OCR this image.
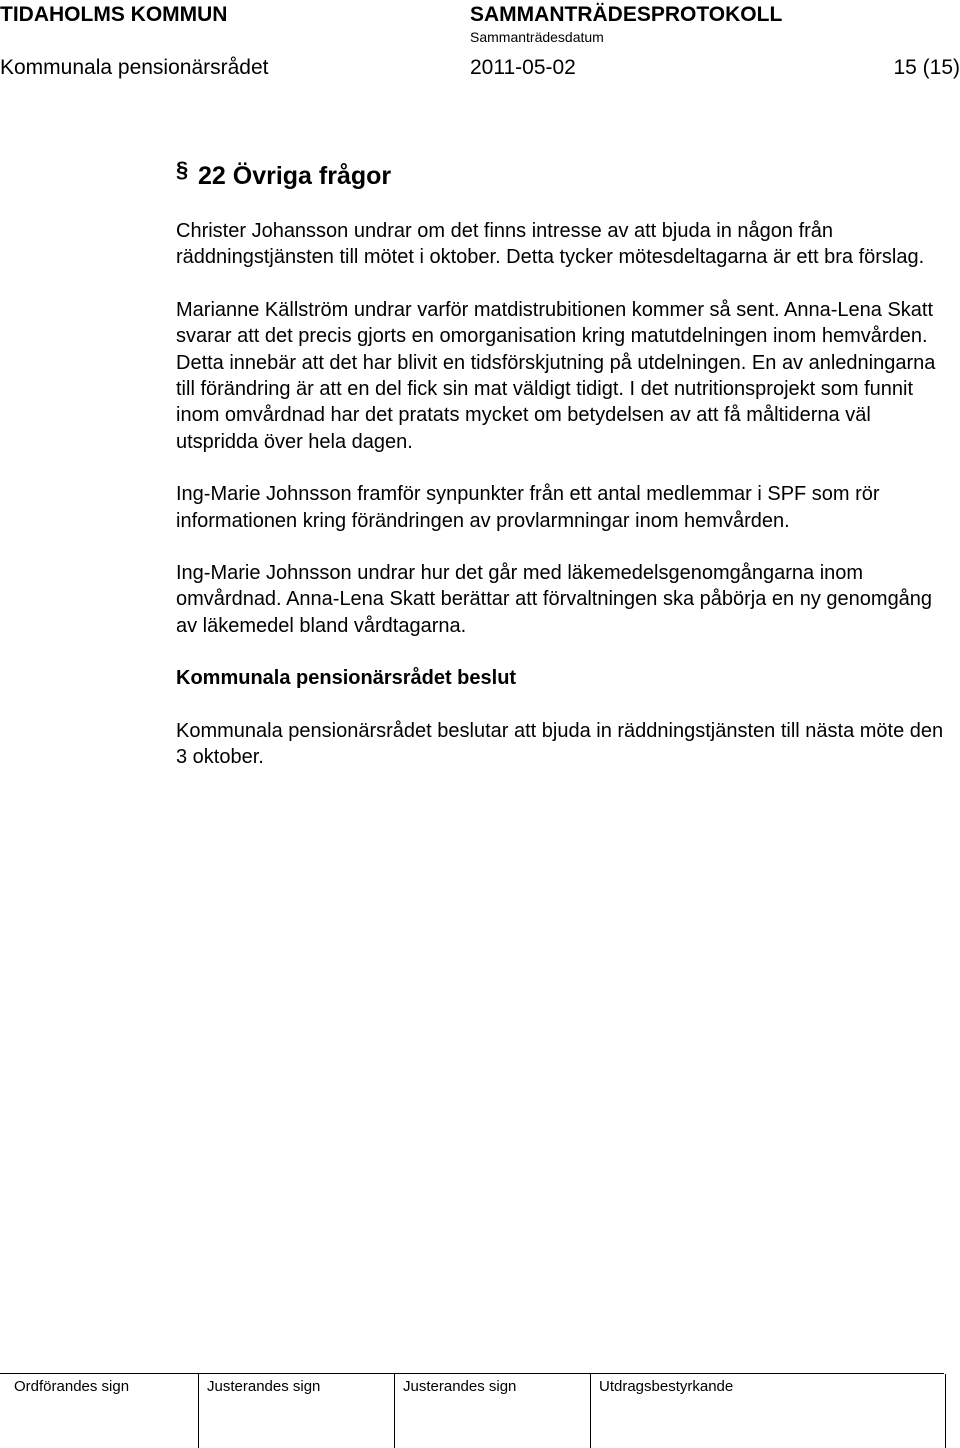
TIDAHOLMS KOMMUN	SAMMANTRÄDESPROTOKOLL
Sammanträdesdatum
Kommunala pensionärsrådet	2011-05-02	15 (15)
§ 22 Övriga frågor

Christer Johansson undrar om det finns intresse av att bjuda in någon från räddningstjänsten till mötet i oktober. Detta tycker mötesdeltagarna är ett bra förslag.

Marianne Källström undrar varför matdistrubitionen kommer så sent. Anna-Lena Skatt svarar att det precis gjorts en omorganisation kring matutdelningen inom hemvården. Detta innebär att det har blivit en tidsförskjutning på utdelningen. En av anledningarna till förändring är att en del fick sin mat väldigt tidigt. I det nutritionsprojekt som funnit inom omvårdnad har det pratats mycket om betydelsen av att få måltiderna väl utspridda över hela dagen.

Ing-Marie Johnsson framför synpunkter från ett antal medlemmar i SPF som rör informationen kring förändringen av provlarmningar inom hemvården.

Ing-Marie Johnsson undrar hur det går med läkemedelsgenomgångarna inom omvårdnad. Anna-Lena Skatt berättar att förvaltningen ska påbörja en ny genomgång av läkemedel bland vårdtagarna.

Kommunala pensionärsrådet beslut

Kommunala pensionärsrådet beslutar att bjuda in räddningstjänsten till nästa möte den 3 oktober.

Ordförandes sign	Justerandes sign	Justerandes sign	Utdragsbestyrkande
